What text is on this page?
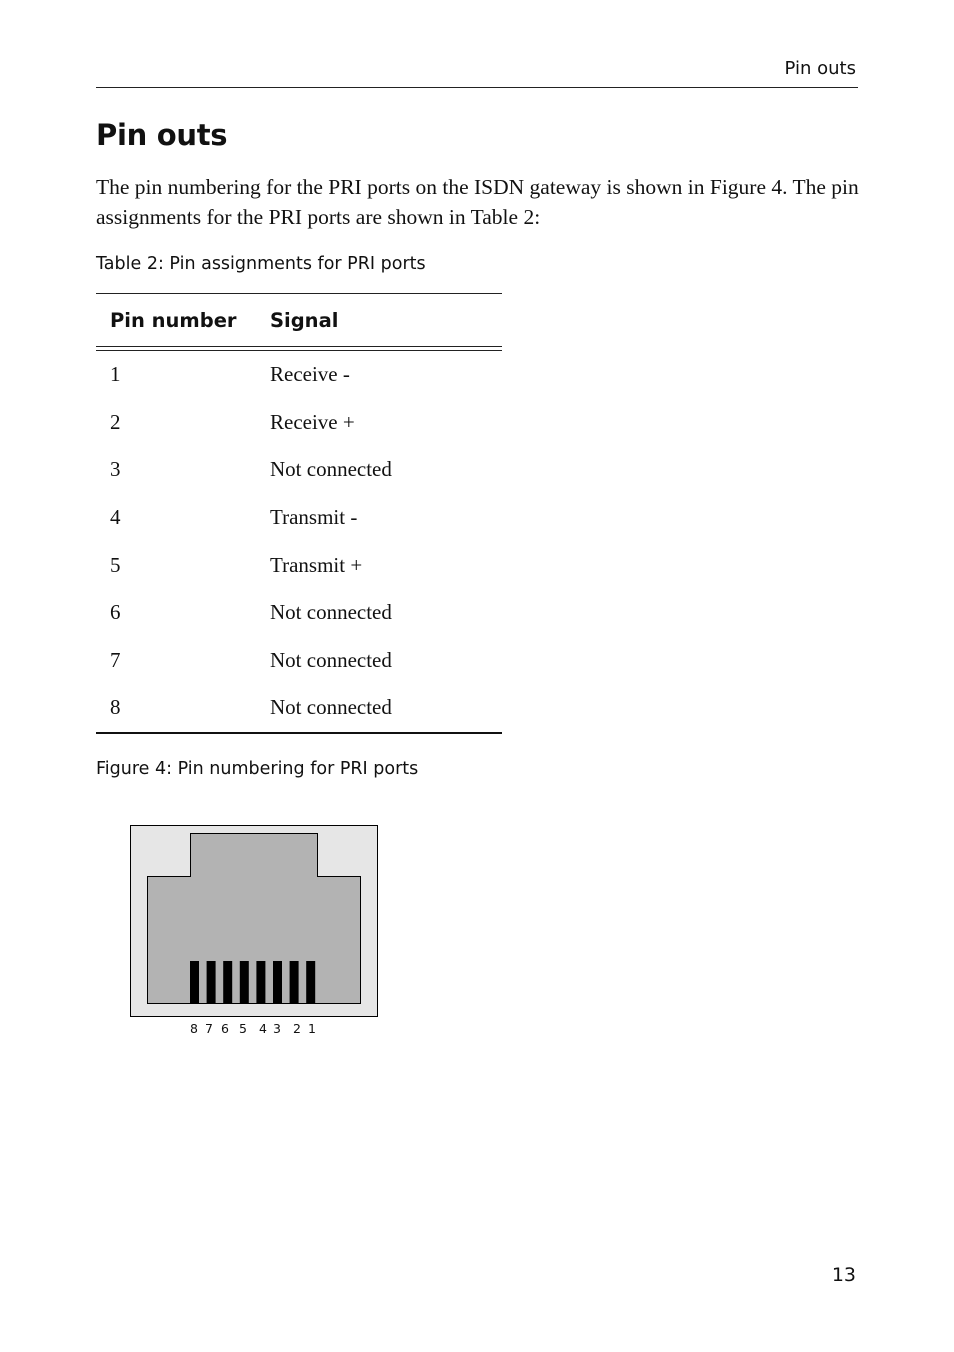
Pin outs
Pin outs

The pin numbering for the PRI ports on the ISDN gateway is shown in Figure 4. The pin assignments for the PRI ports are shown in Table 2:

Table 2: Pin assignments for PRI ports
Pin number	Signal
1	Receive -
2	Receive +
3	Not connected
4	Transmit -
5	Transmit +
6	Not connected
7	Not connected
8	Not connected
Figure 4: Pin numbering for PRI ports
8 7 6 5 4 3 2 1
13
